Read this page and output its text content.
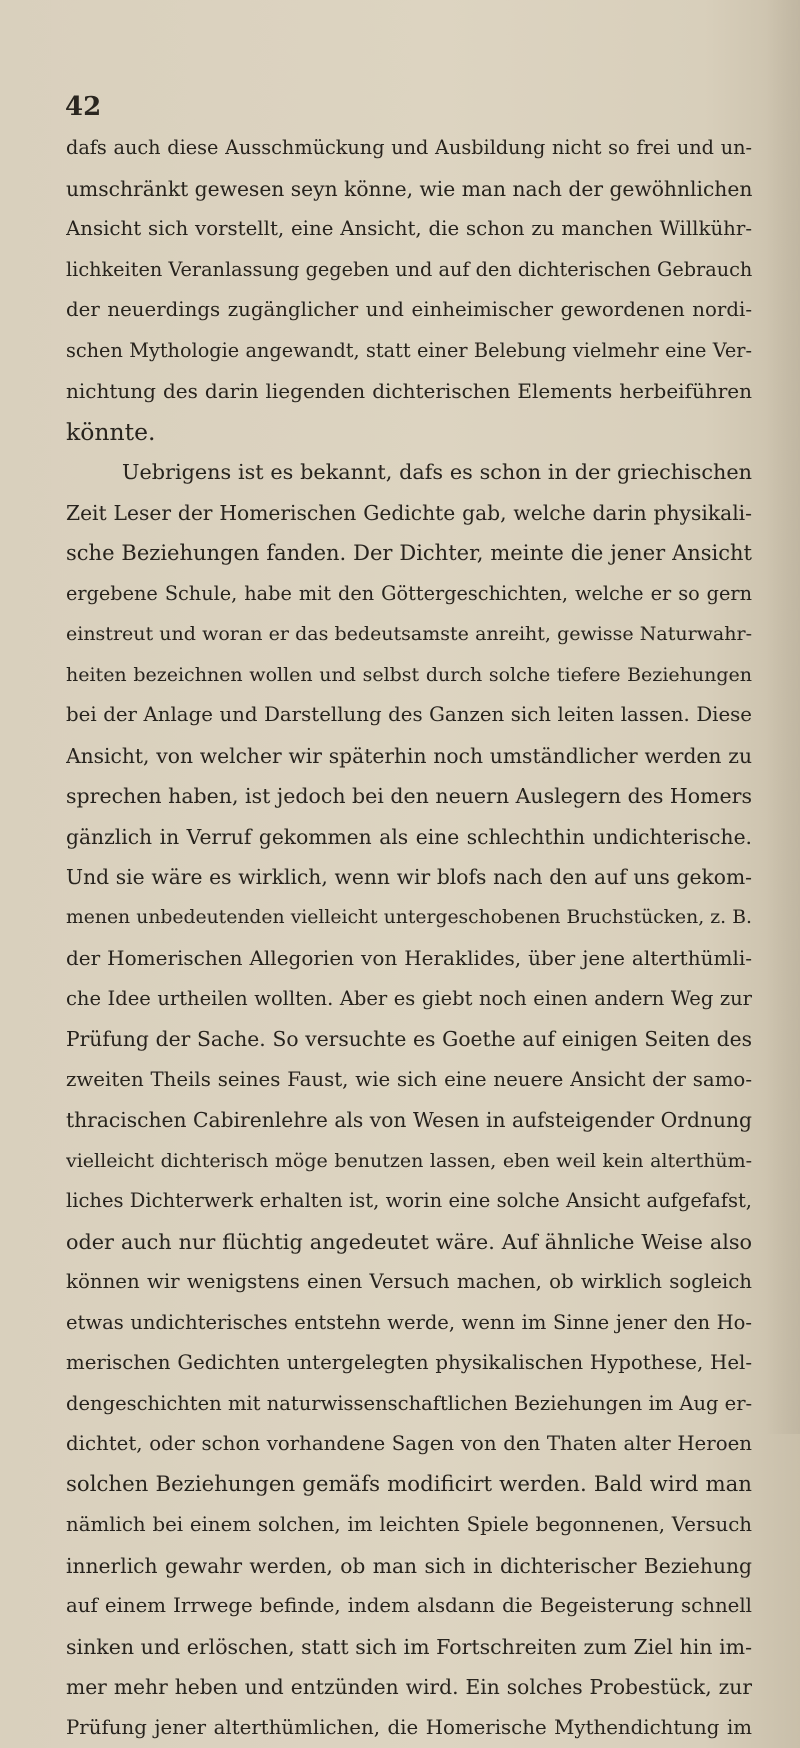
42
dafs auch diese Ausschmückung und Ausbildung nicht so frei und un-
umschränkt gewesen seyn könne, wie man nach der gewöhnlichen
Ansicht sich vorstellt, eine Ansicht, die schon zu manchen Willkühr-
lichkeiten Veranlassung gegeben und auf den dichterischen Gebrauch
der neuerdings zugänglicher und einheimischer gewordenen nordi-
schen Mythologie angewandt, statt einer Belebung vielmehr eine Ver-
nichtung des darin liegenden dichterischen Elements herbeiführen
könnte.
Uebrigens ist es bekannt, dafs es schon in der griechischen
Zeit Leser der Homerischen Gedichte gab, welche darin physikali-
sche Beziehungen fanden. Der Dichter, meinte die jener Ansicht
ergebene Schule, habe mit den Göttergeschichten, welche er so gern
einstreut und woran er das bedeutsamste anreiht, gewisse Naturwahr-
heiten bezeichnen wollen und selbst durch solche tiefere Beziehungen
bei der Anlage und Darstellung des Ganzen sich leiten lassen. Diese
Ansicht, von welcher wir späterhin noch umständlicher werden zu
sprechen haben, ist jedoch bei den neuern Auslegern des Homers
gänzlich in Verruf gekommen als eine schlechthin undichterische.
Und sie wäre es wirklich, wenn wir blofs nach den auf uns gekom-
menen unbedeutenden vielleicht untergeschobenen Bruchstücken, z. B.
der Homerischen Allegorien von Heraklides, über jene alterthümli-
che Idee urtheilen wollten. Aber es giebt noch einen andern Weg zur
Prüfung der Sache. So versuchte es Goethe auf einigen Seiten des
zweiten Theils seines Faust, wie sich eine neuere Ansicht der samo-
thracischen Cabirenlehre als von Wesen in aufsteigender Ordnung
vielleicht dichterisch möge benutzen lassen, eben weil kein alterthüm-
liches Dichterwerk erhalten ist, worin eine solche Ansicht aufgefafst,
oder auch nur flüchtig angedeutet wäre. Auf ähnliche Weise also
können wir wenigstens einen Versuch machen, ob wirklich sogleich
etwas undichterisches entstehn werde, wenn im Sinne jener den Ho-
merischen Gedichten untergelegten physikalischen Hypothese, Hel-
dengeschichten mit naturwissenschaftlichen Beziehungen im Aug er-
dichtet, oder schon vorhandene Sagen von den Thaten alter Heroen
solchen Beziehungen gemäfs modificirt werden. Bald wird man
nämlich bei einem solchen, im leichten Spiele begonnenen, Versuch
innerlich gewahr werden, ob man sich in dichterischer Beziehung
auf einem Irrwege befinde, indem alsdann die Begeisterung schnell
sinken und erlöschen, statt sich im Fortschreiten zum Ziel hin im-
mer mehr heben und entzünden wird. Ein solches Probestück, zur
Prüfung jener alterthümlichen, die Homerische Mythendichtung im
